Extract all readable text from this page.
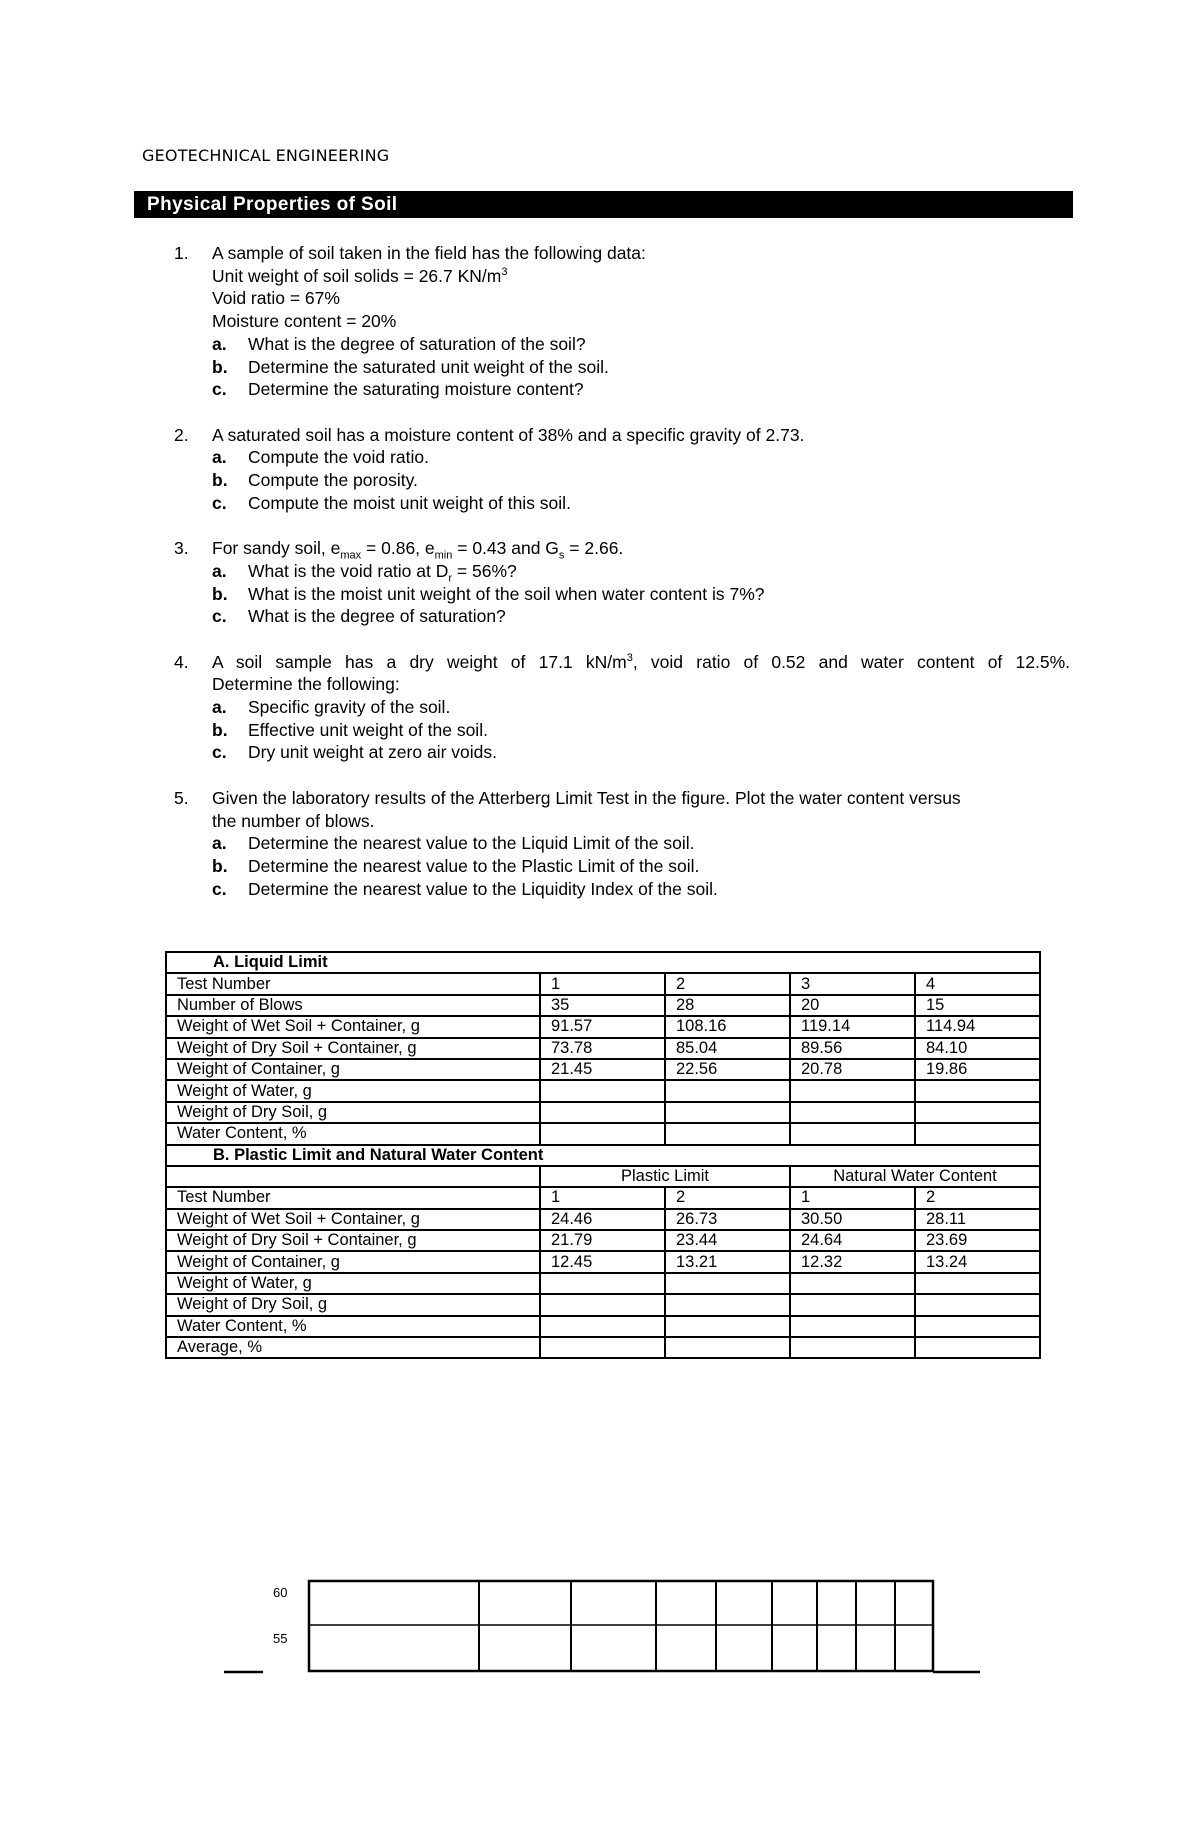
GEOTECHNICAL ENGINEERING
Physical Properties of Soil
1. A sample of soil taken in the field has the following data:
Unit weight of soil solids = 26.7 $KN/m^3$
Void ratio = 67%
Moisture content = 20%
a. What is the degree of saturation of the soil?
b. Determine the saturated unit weight of the soil.
c. Determine the saturating moisture content?
2. A saturated soil has a moisture content of 38% and a specific gravity of 2.73.
a. Compute the void ratio.
b. Compute the porosity.
c. Compute the moist unit weight of this soil.
3. For sandy soil, $e_{max} = 0.86$, $e_{min} = 0.43$ and $G_s = 2.66$.
a. What is the void ratio at $D_r = 56\%$?
b. What is the moist unit weight of the soil when water content is 7%?
c. What is the degree of saturation?
4. A soil sample has a dry weight of 17.1 $kN/m^3$, void ratio of 0.52 and water content of 12.5%.
Determine the following:
a. Specific gravity of the soil.
b. Effective unit weight of the soil.
c. Dry unit weight at zero air voids.
5. Given the laboratory results of the Atterberg Limit Test in the figure. Plot the water content versus
the number of blows.
a. Determine the nearest value to the Liquid Limit of the soil.
b. Determine the nearest value to the Plastic Limit of the soil.
c. Determine the nearest value to the Liquidity Index of the soil.
A. Liquid Limit				
Test Number	1	2	3	4
Number of Blows	35	28	20	15
Weight of Wet Soil + Container, g	91.57	108.16	119.14	114.94
Weight of Dry Soil + Container, g	73.78	85.04	89.56	84.10
Weight of Container, g	21.45	22.56	20.78	19.86
Weight of Water, g				
Weight of Dry Soil, g				
Water Content, %				
B. Plastic Limit and Natural Water Content				
	Plastic Limit		Natural Water Content	
Test Number	1	2	1	2
Weight of Wet Soil + Container, g	24.46	26.73	30.50	28.11
Weight of Dry Soil + Container, g	21.79	23.44	24.64	23.69
Weight of Container, g	12.45	13.21	12.32	13.24
Weight of Water, g				
Weight of Dry Soil, g				
Water Content, %				
Average, %				
60
55
